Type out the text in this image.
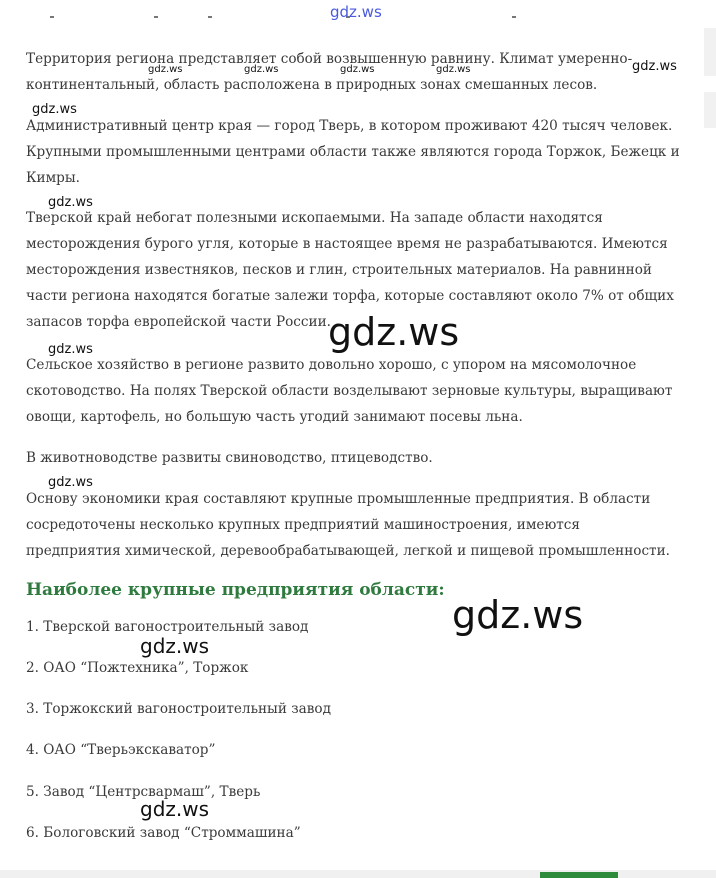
gdz.ws

Территория региона представляет собой возвышенную равнину. Климат умеренно-
континентальный, область расположена в природных зонах смешанных лесов.

Административный центр края — город Тверь, в котором проживают 420 тысяч человек.
Крупными промышленными центрами области также являются города Торжок, Бежецк и
Кимры.

Тверской край небогат полезными ископаемыми. На западе области находятся
месторождения бурого угля, которые в настоящее время не разрабатываются. Имеются
месторождения известняков, песков и глин, строительных материалов. На равнинной
части региона находятся богатые залежи торфа, которые составляют около 7% от общих
запасов торфа европейской части России.

Сельское хозяйство в регионе развито довольно хорошо, с упором на мясомолочное
скотоводство. На полях Тверской области возделывают зерновые культуры, выращивают
овощи, картофель, но большую часть угодий занимают посевы льна.

В животноводстве развиты свиноводство, птицеводство.

Основу экономики края составляют крупные промышленные предприятия. В области
сосредоточены несколько крупных предприятий машиностроения, имеются
предприятия химической, деревообрабатывающей, легкой и пищевой промышленности.

Наиболее крупные предприятия области:

1. Тверской вагоностроительный завод

2. ОАО “Пожтехника”, Торжок

3. Торжокский вагоностроительный завод

4. ОАО “Тверьэкскаватор”

5. Завод “Центрсвармаш”, Тверь

6. Бологовский завод “Строммашина”

gdz.ws	gdz.ws	gdz.ws	gdz.ws	gdz.ws
gdz.ws
gdz.ws
gdz.ws
gdz.ws
gdz.ws
gdz.ws
gdz.ws
gdz.ws
